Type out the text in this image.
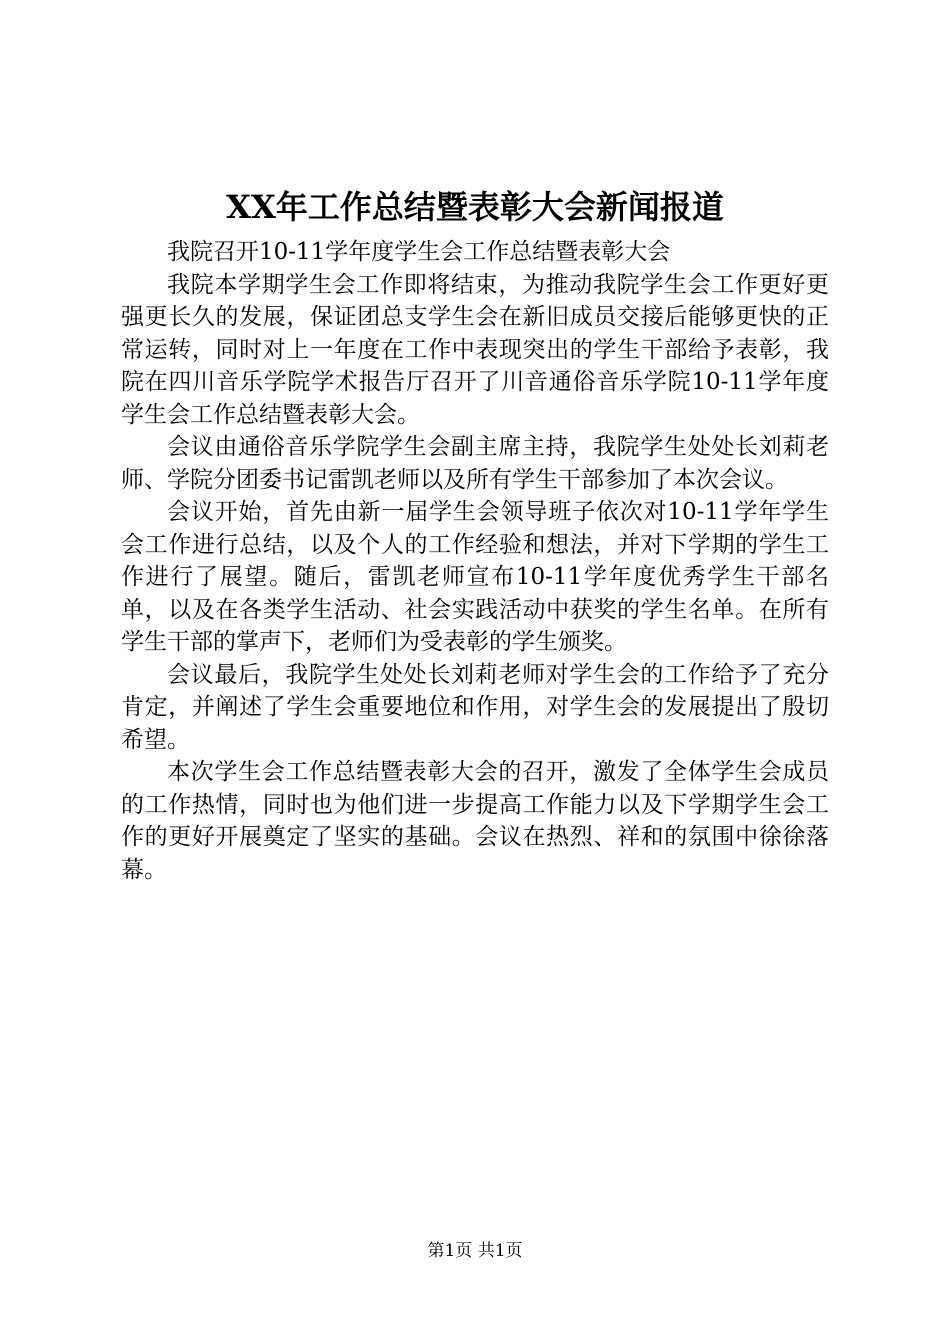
XX年工作总结暨表彰大会新闻报道

我院召开10-11学年度学生会工作总结暨表彰大会

我院本学期学生会工作即将结束，为推动我院学生会工作更好更强更长久的发展，保证团总支学生会在新旧成员交接后能够更快的正常运转，同时对上一年度在工作中表现突出的学生干部给予表彰，我院在四川音乐学院学术报告厅召开了川音通俗音乐学院10-11学年度学生会工作总结暨表彰大会。

会议由通俗音乐学院学生会副主席主持，我院学生处处长刘莉老师、学院分团委书记雷凯老师以及所有学生干部参加了本次会议。

会议开始，首先由新一届学生会领导班子依次对10-11学年学生会工作进行总结，以及个人的工作经验和想法，并对下学期的学生工作进行了展望。随后，雷凯老师宣布10-11学年度优秀学生干部名单，以及在各类学生活动、社会实践活动中获奖的学生名单。在所有学生干部的掌声下，老师们为受表彰的学生颁奖。

会议最后，我院学生处处长刘莉老师对学生会的工作给予了充分肯定，并阐述了学生会重要地位和作用，对学生会的发展提出了殷切希望。

本次学生会工作总结暨表彰大会的召开，激发了全体学生会成员的工作热情，同时也为他们进一步提高工作能力以及下学期学生会工作的更好开展奠定了坚实的基础。会议在热烈、祥和的氛围中徐徐落幕。

第1页 共1页
